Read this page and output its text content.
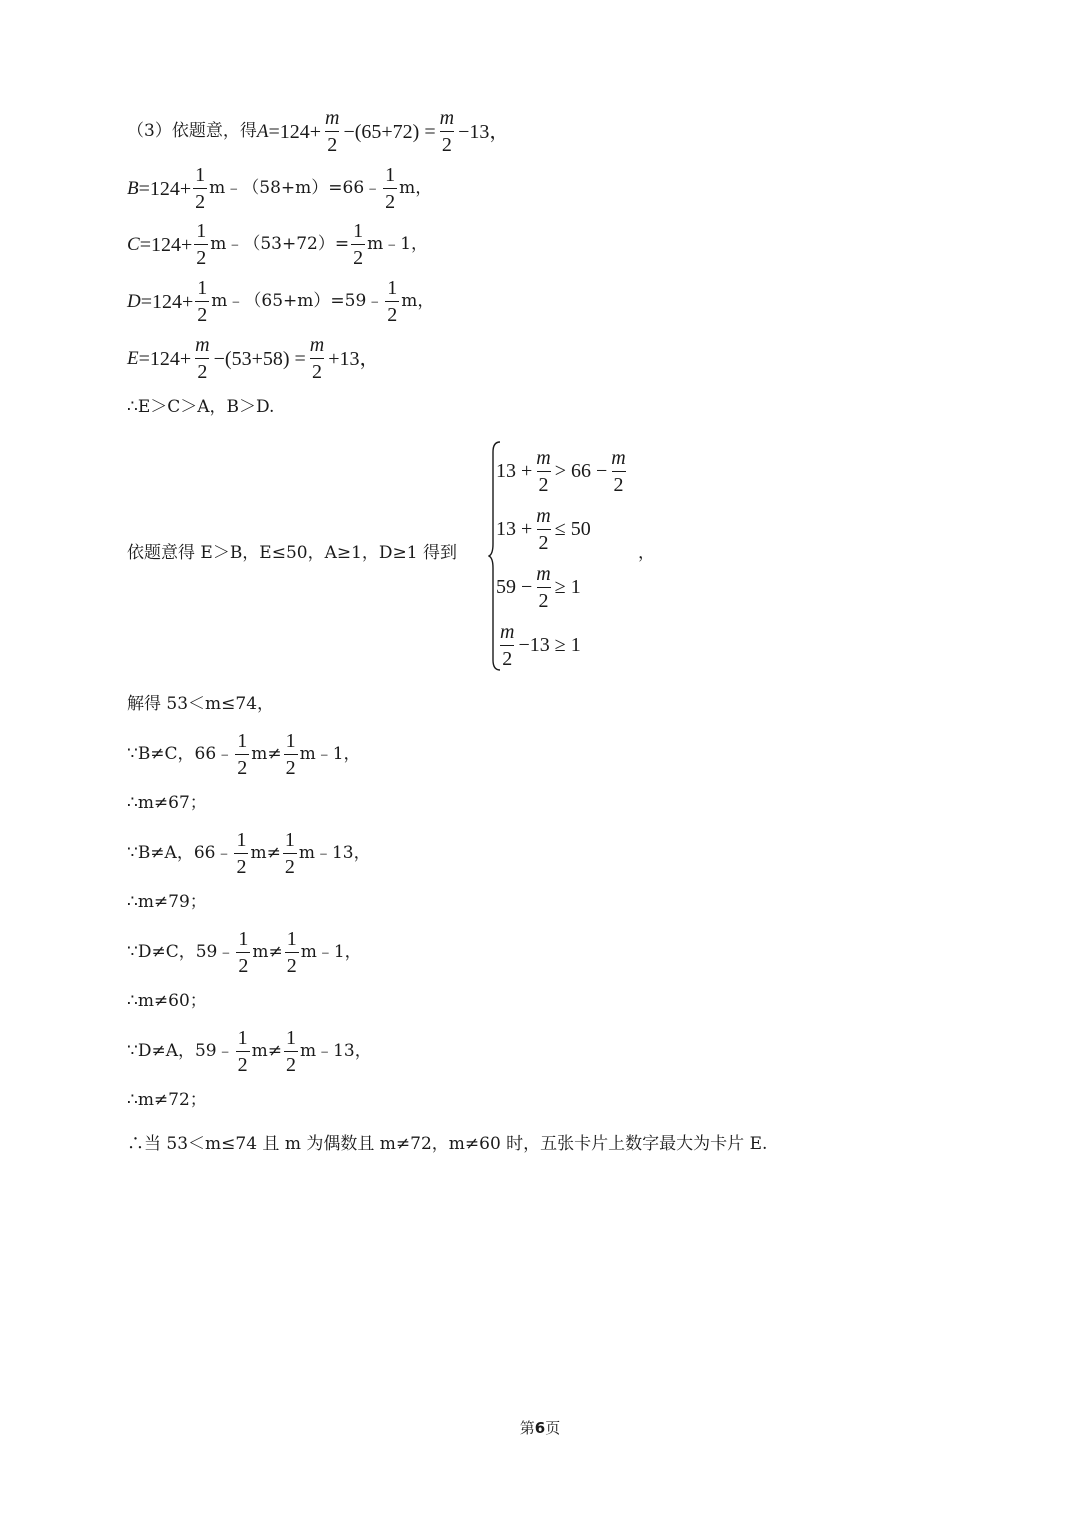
（3）依题意，得 $A =124+ \frac{m}{2} -(65+72) = \frac{m}{2} -13$，
$B =124+ \frac{1}{2}$ m﹣（58+m）=66﹣ $\frac{1}{2}$ m，
$C =124+ \frac{1}{2}$ m﹣（53+72）= $\frac{1}{2}$ m﹣1，
$D =124+ \frac{1}{2}$ m﹣（65+m）=59﹣ $\frac{1}{2}$ m，
$E =124+ \frac{m}{2} -(53+58) = \frac{m}{2} +13$，
∴E＞C＞A，B＞D.
依题意得 E＞B，E≤50，A≥1，D≥1 得到
$13 + \frac{m}{2} > 66 - \frac{m}{2}$
$13 + \frac{m}{2} \le 50$
$59 - \frac{m}{2} \ge 1$
$\frac{m}{2} -13 \ge 1$
，
解得 53＜m≤74，
∵B≠C，66﹣ $\frac{1}{2} m\ne \frac{1}{2}$ m﹣1，
∴m≠67；
∵B≠A，66﹣ $\frac{1}{2} m\ne \frac{1}{2}$ m﹣13，
∴m≠79；
∵D≠C，59﹣ $\frac{1}{2} m\ne \frac{1}{2}$ m﹣1，
∴m≠60；
∵D≠A，59﹣ $\frac{1}{2} m\ne \frac{1}{2}$ m﹣13，
∴m≠72；
∴当 53＜m≤74 且 m 为偶数且 m≠72，m≠60 时，五张卡片上数字最大为卡片 E.
第6页
